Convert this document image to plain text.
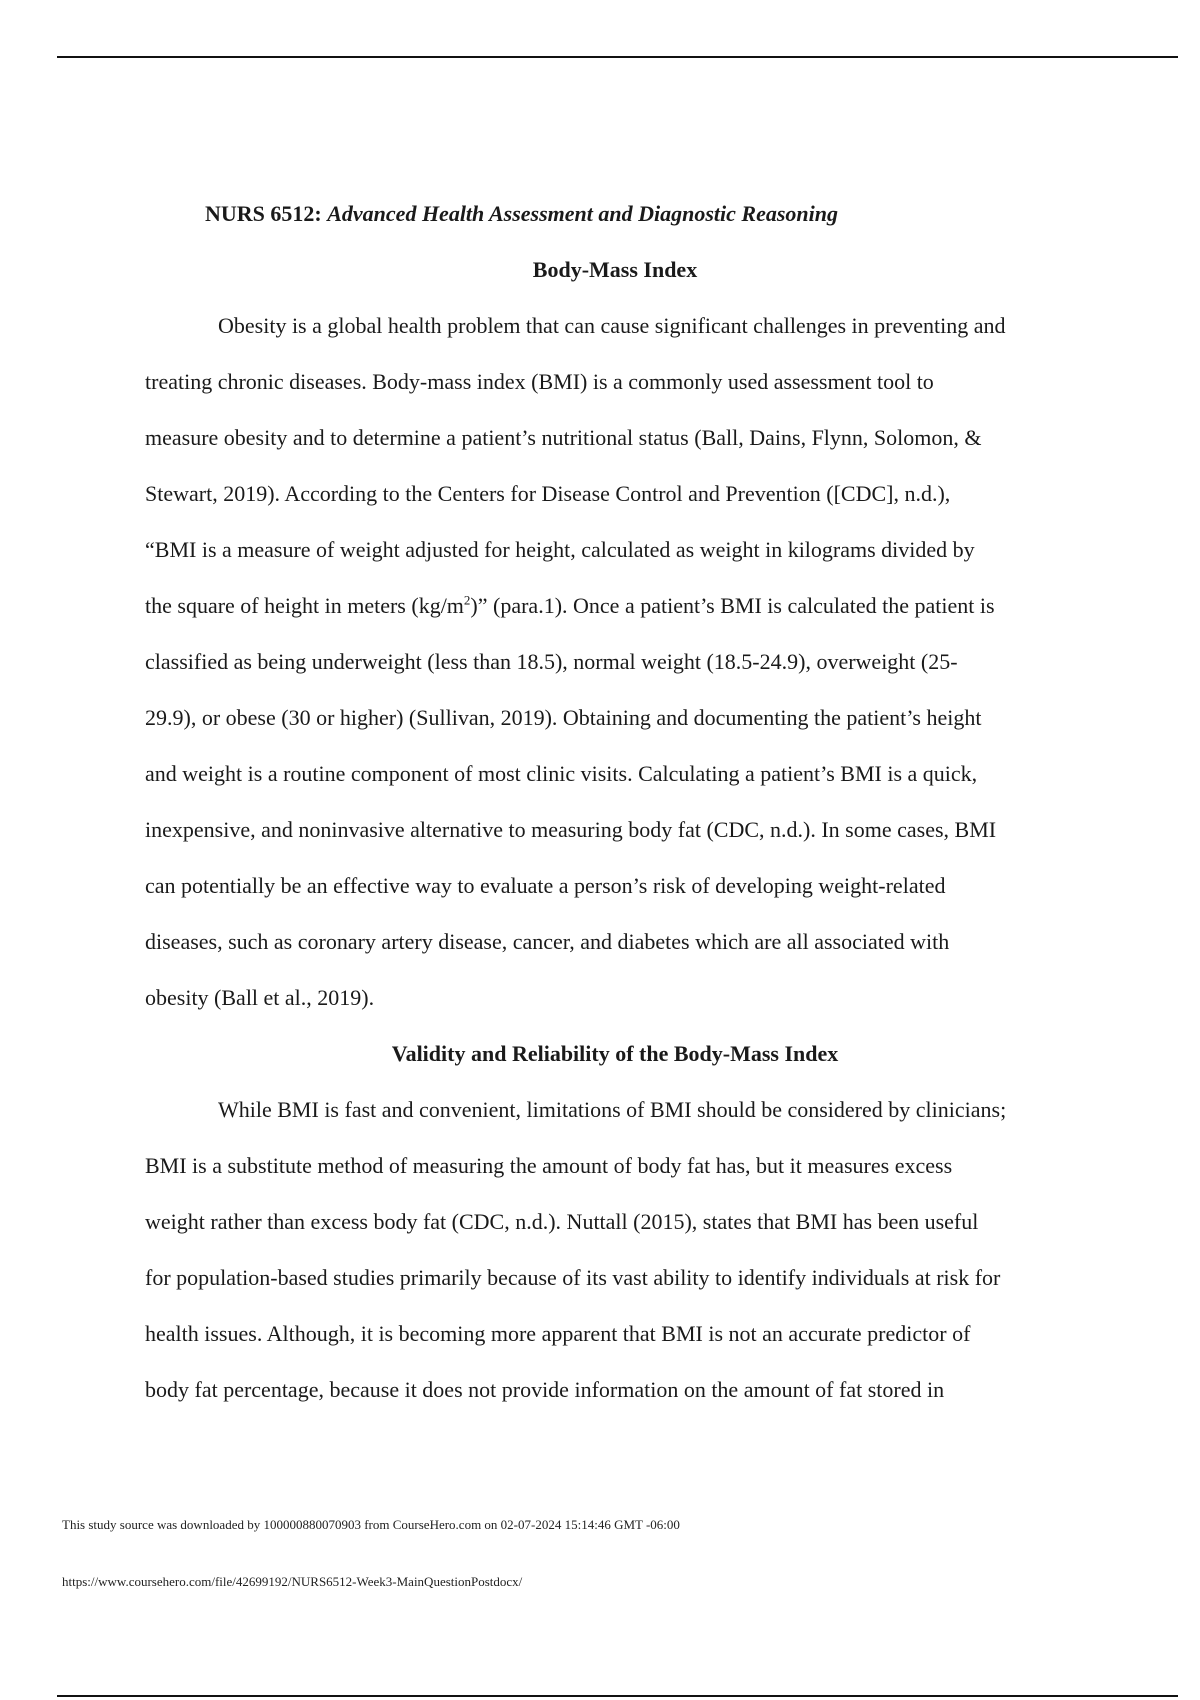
NURS 6512: Advanced Health Assessment and Diagnostic Reasoning
Body-Mass Index
Obesity is a global health problem that can cause significant challenges in preventing and
treating chronic diseases. Body-mass index (BMI) is a commonly used assessment tool to
measure obesity and to determine a patient’s nutritional status (Ball, Dains, Flynn, Solomon, &
Stewart, 2019). According to the Centers for Disease Control and Prevention ([CDC], n.d.),
“BMI is a measure of weight adjusted for height, calculated as weight in kilograms divided by
the square of height in meters $(kg/m^2)$” (para.1). Once a patient’s BMI is calculated the patient is
classified as being underweight (less than 18.5), normal weight (18.5-24.9), overweight (25-
29.9), or obese (30 or higher) (Sullivan, 2019). Obtaining and documenting the patient’s height
and weight is a routine component of most clinic visits. Calculating a patient’s BMI is a quick,
inexpensive, and noninvasive alternative to measuring body fat (CDC, n.d.). In some cases, BMI
can potentially be an effective way to evaluate a person’s risk of developing weight-related
diseases, such as coronary artery disease, cancer, and diabetes which are all associated with
obesity (Ball et al., 2019).
Validity and Reliability of the Body-Mass Index
While BMI is fast and convenient, limitations of BMI should be considered by clinicians;
BMI is a substitute method of measuring the amount of body fat has, but it measures excess
weight rather than excess body fat (CDC, n.d.). Nuttall (2015), states that BMI has been useful
for population-based studies primarily because of its vast ability to identify individuals at risk for
health issues. Although, it is becoming more apparent that BMI is not an accurate predictor of
body fat percentage, because it does not provide information on the amount of fat stored in
This study source was downloaded by 100000880070903 from CourseHero.com on 02-07-2024 15:14:46 GMT -06:00
https://www.coursehero.com/file/42699192/NURS6512-Week3-MainQuestionPostdocx/
